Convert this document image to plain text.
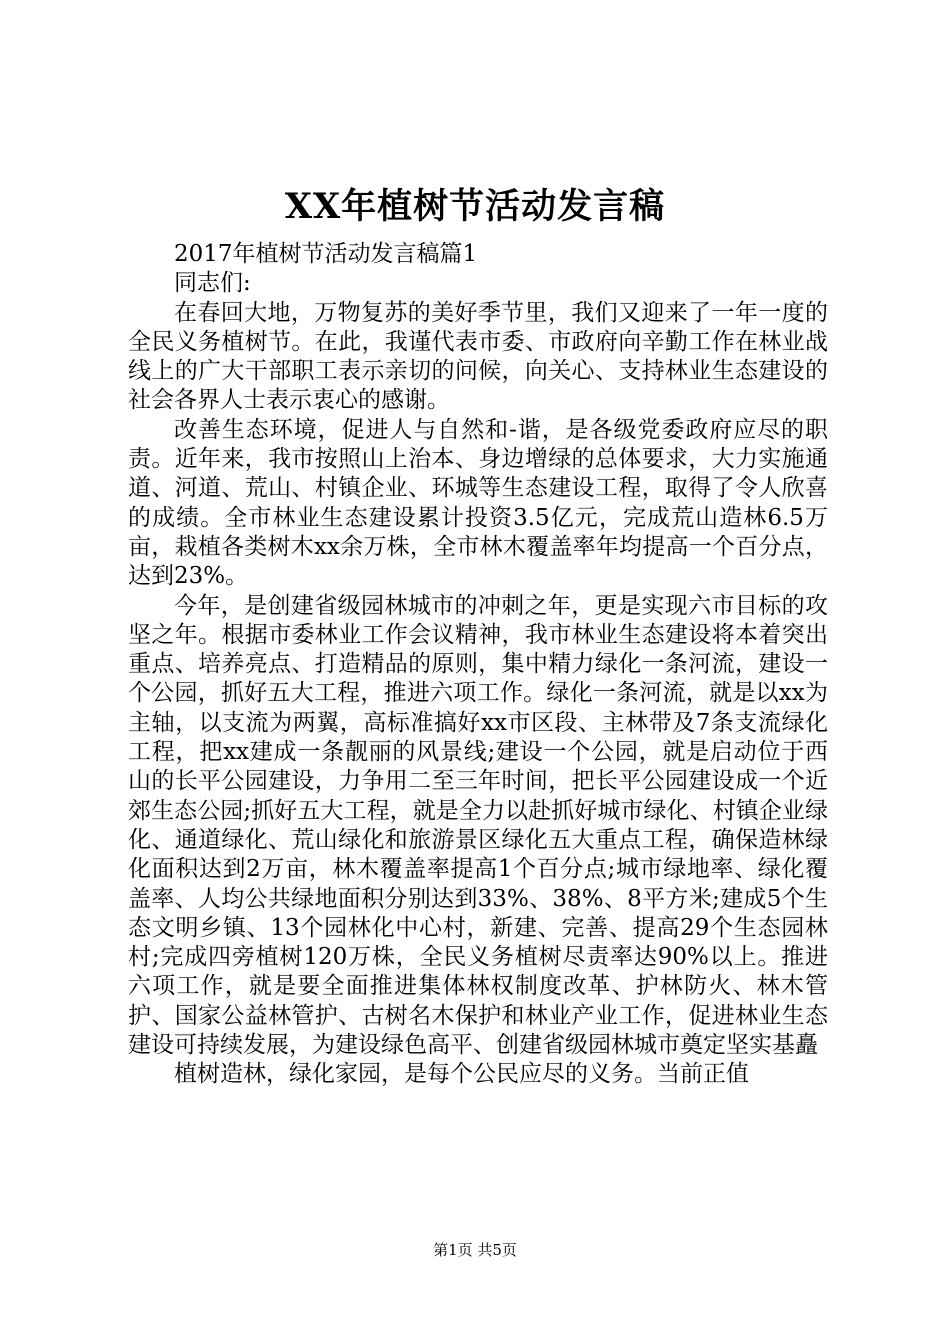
XX年植树节活动发言稿
2017年植树节活动发言稿篇1
同志们:

在春回大地，万物复苏的美好季节里，我们又迎来了一年一度的全民义务植树节。在此，我谨代表市委、市政府向辛勤工作在林业战线上的广大干部职工表示亲切的问候，向关心、支持林业生态建设的社会各界人士表示衷心的感谢。

改善生态环境，促进人与自然和-谐，是各级党委政府应尽的职责。近年来，我市按照山上治本、身边增绿的总体要求，大力实施通道、河道、荒山、村镇企业、环城等生态建设工程，取得了令人欣喜的成绩。全市林业生态建设累计投资3.5亿元，完成荒山造林6.5万亩，栽植各类树木xx余万株，全市林木覆盖率年均提高一个百分点，达到23%。

今年，是创建省级园林城市的冲刺之年，更是实现六市目标的攻坚之年。根据市委林业工作会议精神，我市林业生态建设将本着突出重点、培养亮点、打造精品的原则，集中精力绿化一条河流，建设一个公园，抓好五大工程，推进六项工作。绿化一条河流，就是以xx为主轴，以支流为两翼，高标准搞好xx市区段、主林带及7条支流绿化工程，把xx建成一条靓丽的风景线;建设一个公园，就是启动位于西山的长平公园建设，力争用二至三年时间，把长平公园建设成一个近郊生态公园;抓好五大工程，就是全力以赴抓好城市绿化、村镇企业绿化、通道绿化、荒山绿化和旅游景区绿化五大重点工程，确保造林绿化面积达到2万亩，林木覆盖率提高1个百分点;城市绿地率、绿化覆盖率、人均公共绿地面积分别达到33%、38%、8平方米;建成5个生态文明乡镇、13个园林化中心村，新建、完善、提高29个生态园林村;完成四旁植树120万株，全民义务植树尽责率达90%以上。推进六项工作，就是要全面推进集体林权制度改革、护林防火、林木管护、国家公益林管护、古树名木保护和林业产业工作，促进林业生态建设可持续发展，为建设绿色高平、创建省级园林城市奠定坚实基矗

植树造林，绿化家园，是每个公民应尽的义务。当前正值

第1页 共5页
